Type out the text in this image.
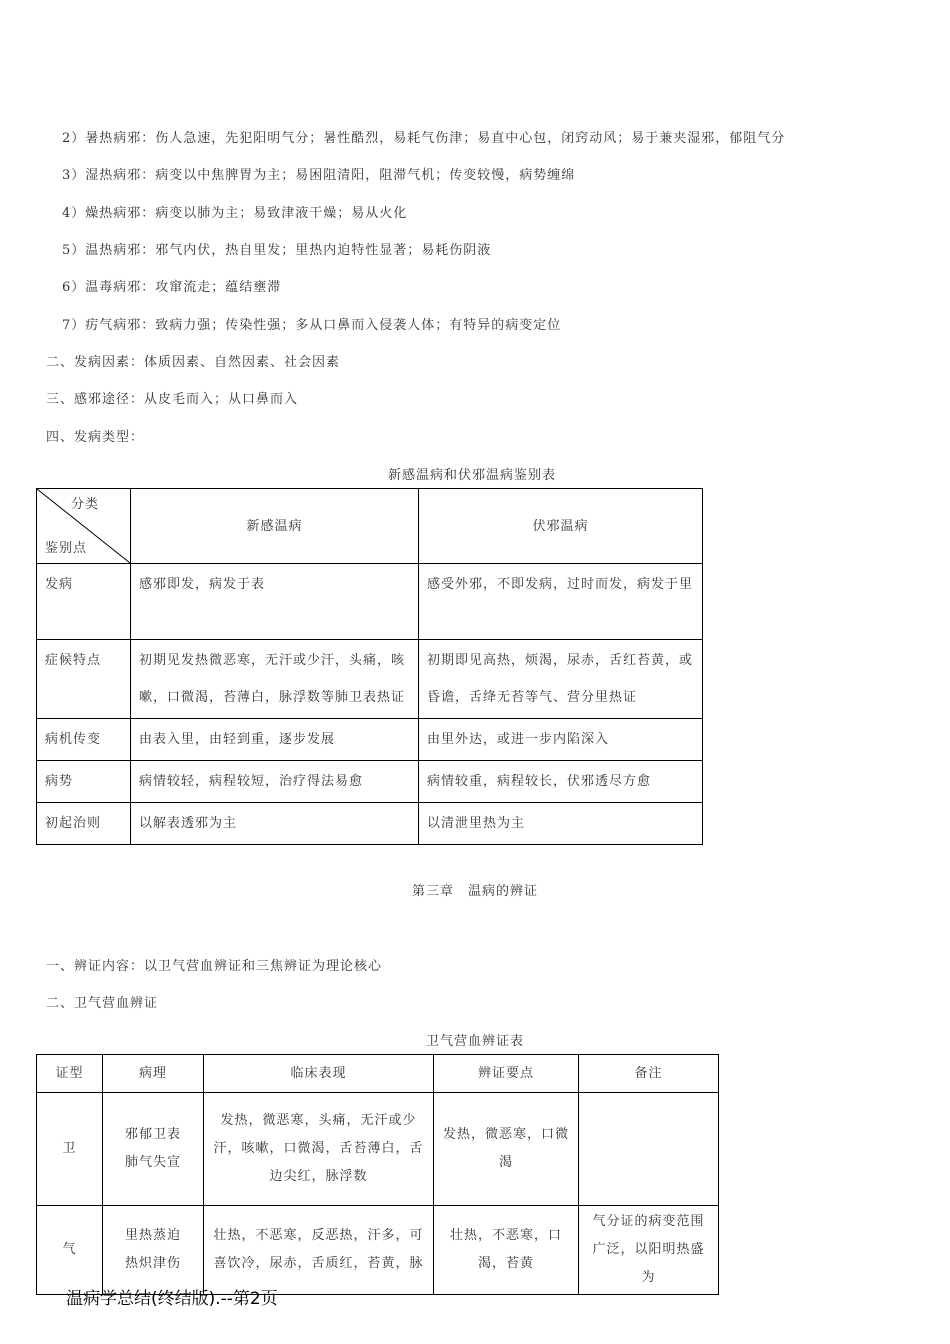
2）暑热病邪：伤人急速，先犯阳明气分；暑性酷烈，易耗气伤津；易直中心包，闭窍动风；易于兼夹湿邪，郁阻气分
3）湿热病邪：病变以中焦脾胃为主；易困阻清阳，阻滞气机；传变较慢，病势缠绵
4）燥热病邪：病变以肺为主；易致津液干燥；易从火化
5）温热病邪：邪气内伏，热自里发；里热内迫特性显著；易耗伤阴液
6）温毒病邪：攻窜流走；蕴结壅滞
7）疠气病邪：致病力强；传染性强；多从口鼻而入侵袭人体；有特异的病变定位
二、发病因素：体质因素、自然因素、社会因素
三、感邪途径：从皮毛而入；从口鼻而入
四、发病类型：
新感温病和伏邪温病鉴别表
分类
鉴别点	新感温病	伏邪温病
发病	感邪即发，病发于表	感受外邪，不即发病，过时而发，病发于里
症候特点	初期见发热微恶寒，无汗或少汗，头痛，咳嗽，口微渴，苔薄白，脉浮数等肺卫表热证	初期即见高热，烦渴，尿赤，舌红苔黄，或昏谵，舌绛无苔等气、营分里热证
病机传变	由表入里，由轻到重，逐步发展	由里外达，或进一步内陷深入
病势	病情较轻，病程较短，治疗得法易愈	病情较重，病程较长，伏邪透尽方愈
初起治则	以解表透邪为主	以清泄里热为主
第三章　温病的辨证
一、辨证内容：以卫气营血辨证和三焦辨证为理论核心
二、卫气营血辨证
卫气营血辨证表
证型	病理	临床表现	辨证要点	备注
卫	邪郁卫表肺气失宣	发热，微恶寒，头痛，无汗或少汗，咳嗽，口微渴，舌苔薄白，舌边尖红，脉浮数	发热，微恶寒，口微渴	
气	里热蒸迫热炽津伤	壮热，不恶寒，反恶热，汗多，可喜饮冷，尿赤，舌质红，苔黄，脉	壮热，不恶寒，口渴，苔黄	气分证的病变范围广泛，以阳明热盛为
温病学总结(终结版).--第2页
